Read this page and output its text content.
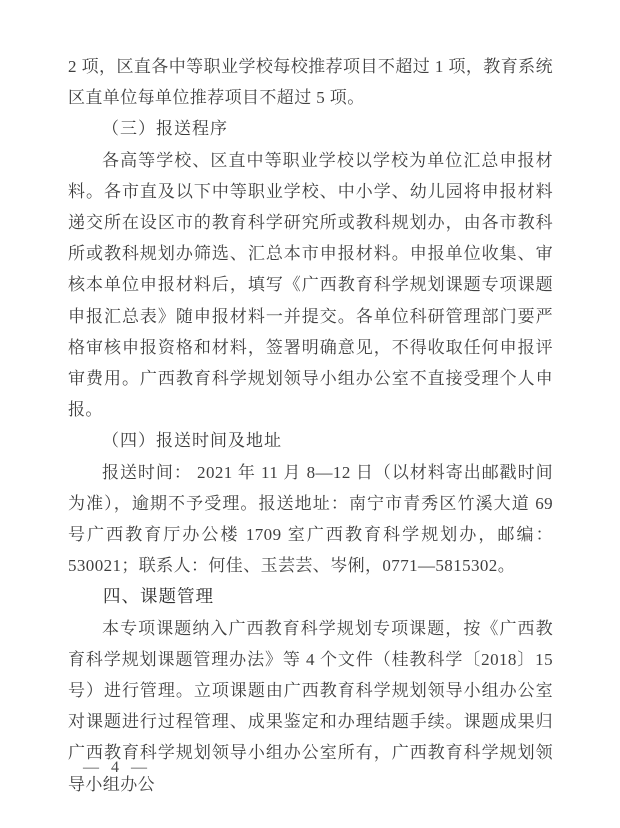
2 项，区直各中等职业学校每校推荐项目不超过 1 项，教育系统区直单位每单位推荐项目不超过 5 项。

（三）报送程序

各高等学校、区直中等职业学校以学校为单位汇总申报材料。各市直及以下中等职业学校、中小学、幼儿园将申报材料递交所在设区市的教育科学研究所或教科规划办，由各市教科所或教科规划办筛选、汇总本市申报材料。申报单位收集、审核本单位申报材料后，填写《广西教育科学规划课题专项课题申报汇总表》随申报材料一并提交。各单位科研管理部门要严格审核申报资格和材料，签署明确意见，不得收取任何申报评审费用。广西教育科学规划领导小组办公室不直接受理个人申报。

（四）报送时间及地址

报送时间： 2021 年 11 月 8—12 日（以材料寄出邮戳时间为准），逾期不予受理。报送地址：南宁市青秀区竹溪大道 69 号广西教育厅办公楼 1709 室广西教育科学规划办，邮编：530021；联系人：何佳、玉芸芸、岑俐，0771—5815302。

四、课题管理

本专项课题纳入广西教育科学规划专项课题，按《广西教育科学规划课题管理办法》等 4 个文件（桂教科学〔2018〕15 号）进行管理。立项课题由广西教育科学规划领导小组办公室对课题进行过程管理、成果鉴定和办理结题手续。课题成果归广西教育科学规划领导小组办公室所有，广西教育科学规划领导小组办公

— 4 —
